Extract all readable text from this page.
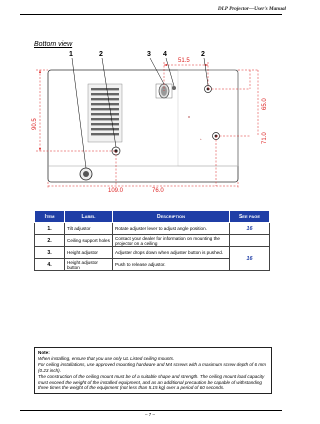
DLP Projector—User's Manual
Bottom view
R
+
1	2	3 4	2
51.5
65.0
71.0
90.5
109.0	76.0
Item	Label	Description	See page
1.	Tilt adjustor	Rotate adjuster lever to adjust angle position.	16
2.	Ceiling support holes	Contact your dealer for information on mounting the projector on a ceiling	
3.	Height adjustor	Adjuster drops down when adjuster button is pushed.	16
4.	Height adjustor button	Push to release adjustor.	
Note:
When installing, ensure that you use only UL Listed ceiling mounts.
For ceiling installations, use approved mounting hardware and M4 screws with a maximum screw depth of 6 mm (0.23 inch).
The construction of the ceiling mount must be of a suitable shape and strength. The ceiling mount load capacity must exceed the weight of the installed equipment, and as an additional precaution be capable of withstanding three times the weight of the equipment (not less than 5.15 kg) over a period of 60 seconds.
– 7 –
